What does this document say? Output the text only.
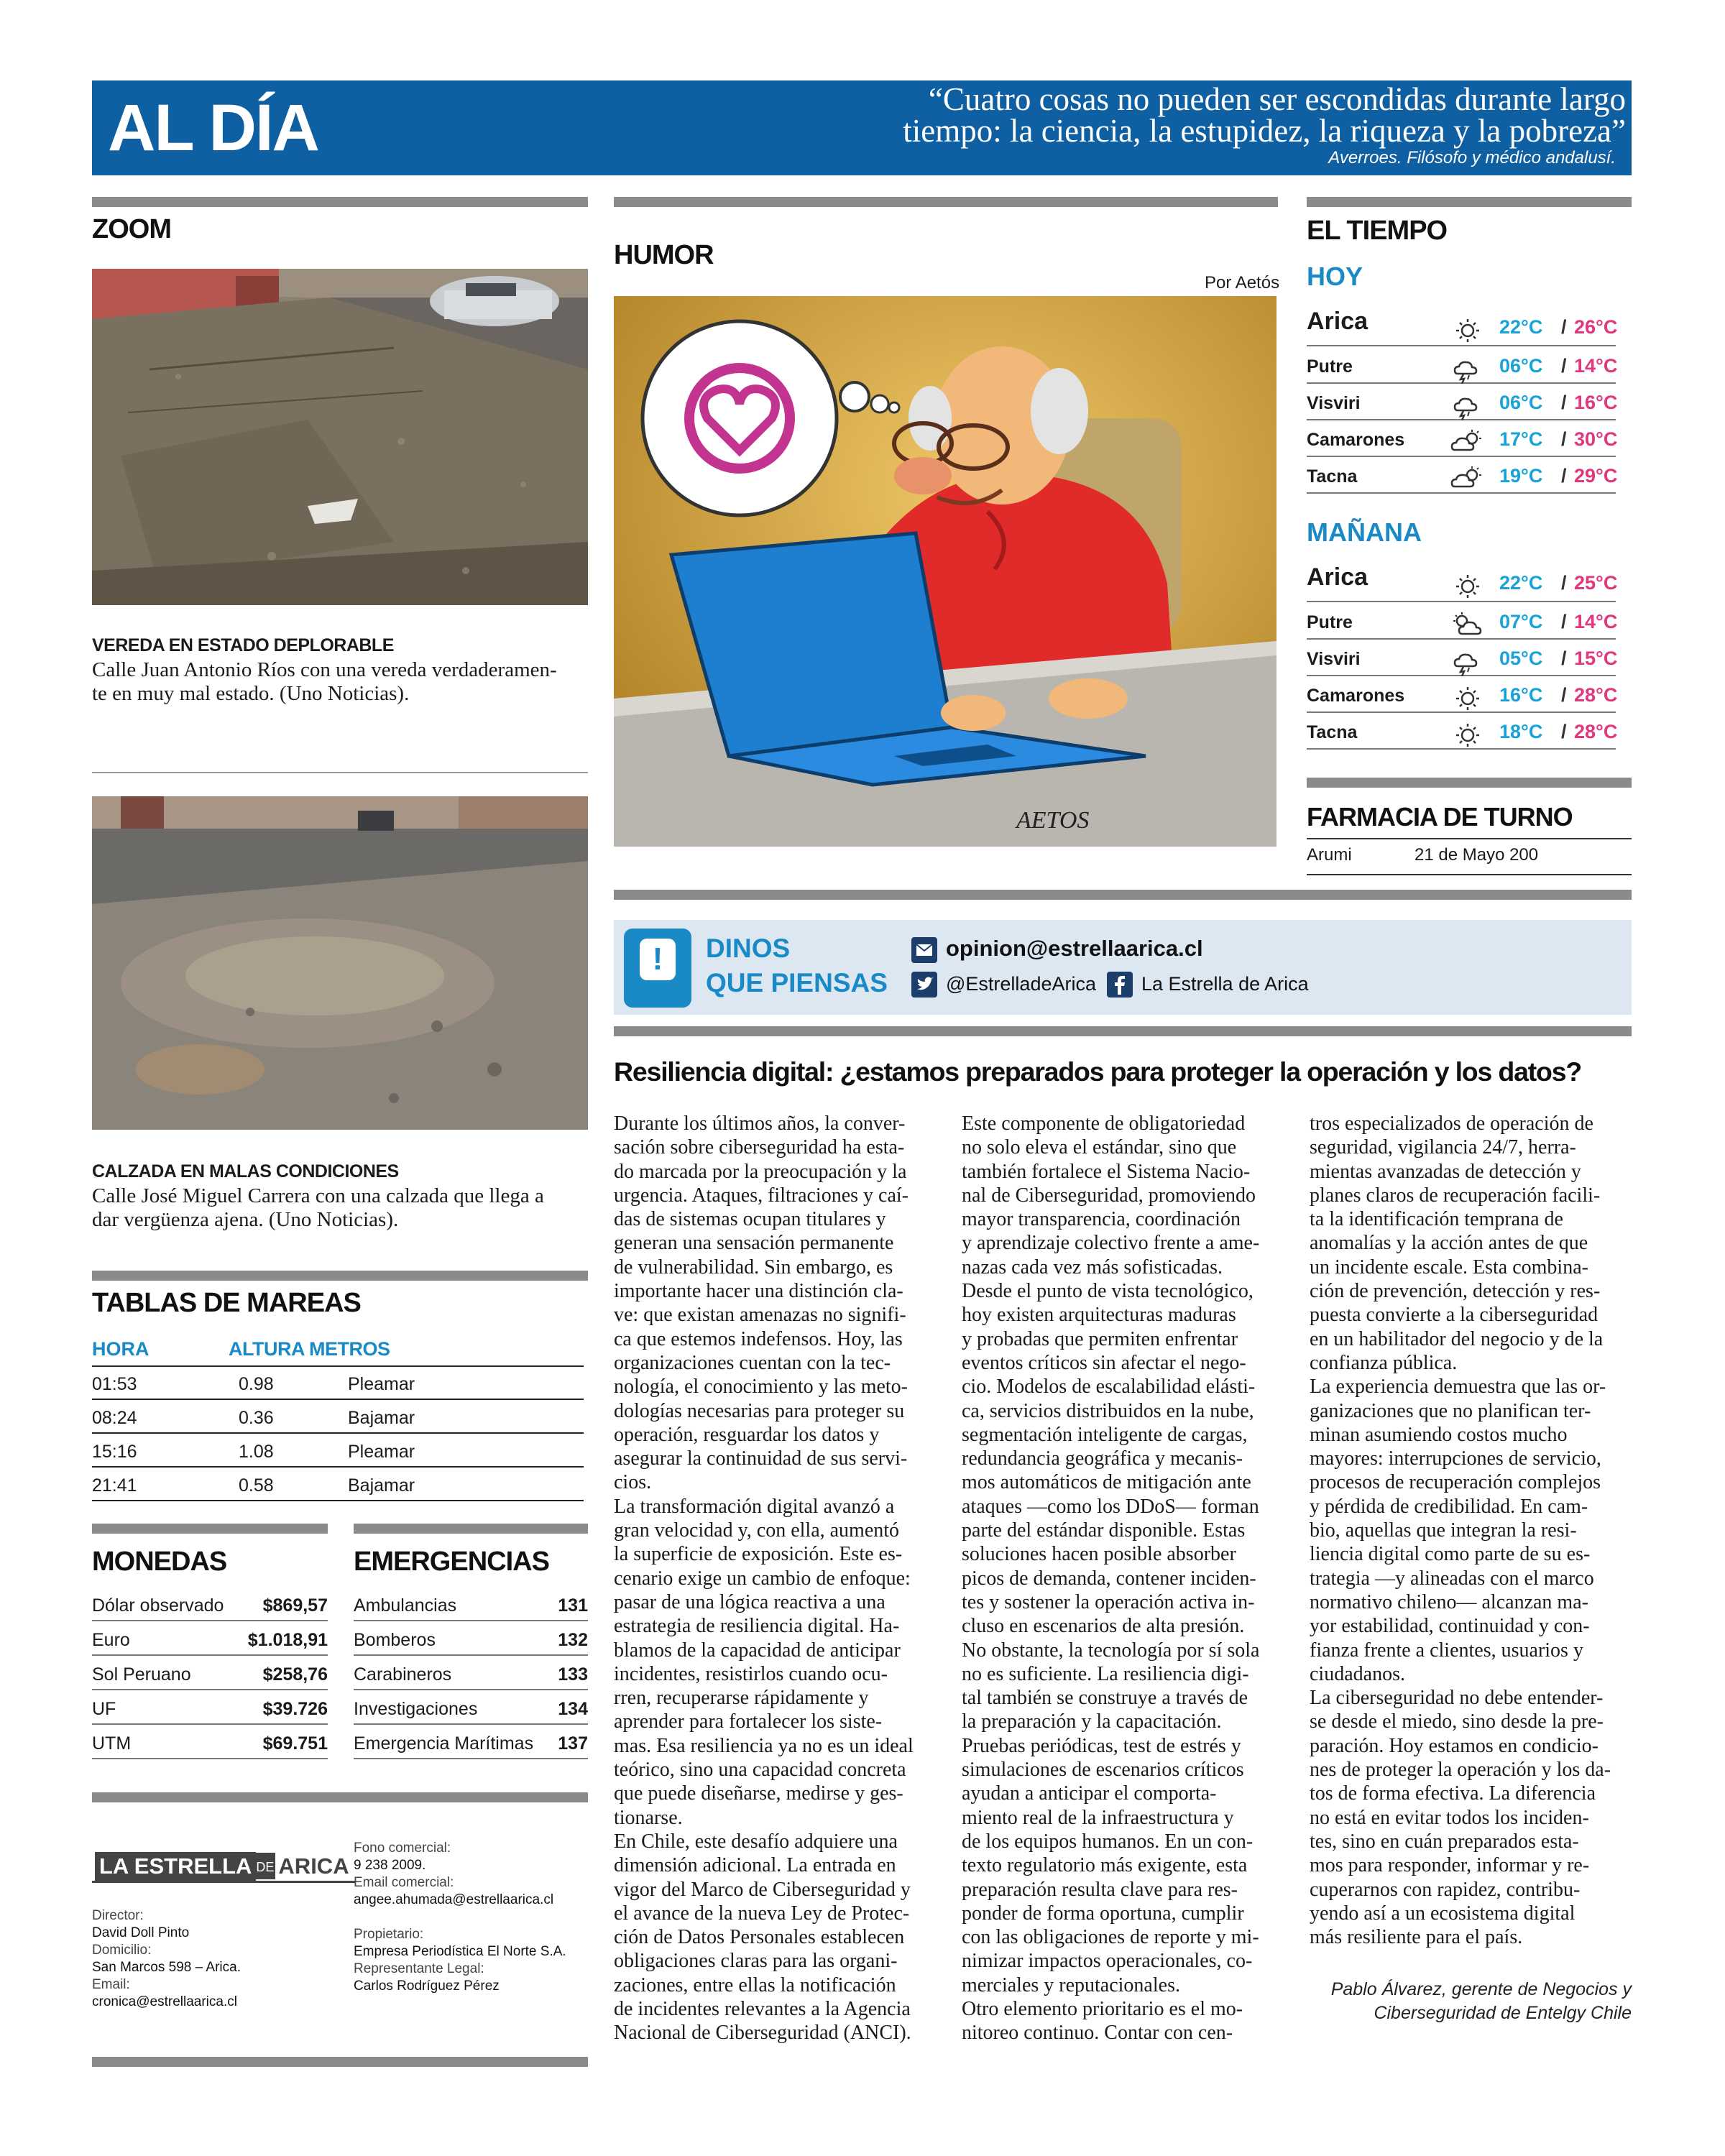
AL DÍA	“Cuatro cosas no pueden ser escondidas durante largo
tiempo: la ciencia, la estupidez, la riqueza y la pobreza”
Averroes. Filósofo y médico andalusí.
ZOOM
VEREDA EN ESTADO DEPLORABLE
Calle Juan Antonio Ríos con una vereda verdaderamen-
te en muy mal estado. (Uno Noticias).
CALZADA EN MALAS CONDICIONES
Calle José Miguel Carrera con una calzada que llega a
dar vergüenza ajena. (Uno Noticias).
TABLAS DE MAREAS
HORA	ALTURA METROS
01:53	0.98	Pleamar
08:24	0.36	Bajamar
15:16	1.08	Pleamar
21:41	0.58	Bajamar
MONEDAS	EMERGENCIAS
Dólar observado $869,57
Euro	$1.018,91
Sol Peruano	$258,76
UF	$39.726
UTM	$69.751
Ambulancias	131
Bomberos	132
Carabineros	133
Investigaciones	134
Emergencia Marítimas 137
LA ESTRELLA DE ARICA
Director:
David Doll Pinto
Domicilio:
San Marcos 598 – Arica.
Email:
cronica@estrellaarica.cl
Fono comercial:
9 238 2009.
Email comercial:
angee.ahumada@estrellaarica.cl
Propietario:
Empresa Periodística El Norte S.A.
Representante Legal:
Carlos Rodríguez Pérez
HUMOR
Por Aetós
AETOS
!	DINOS
QUE PIENSAS
opinion@estrellaarica.cl
@EstrelladeArica La Estrella de Arica
EL TIEMPO
HOY
Arica	22°C / 26°C
Putre	06°C / 14°C
Visviri	06°C / 16°C
Camarones	17°C / 30°C
Tacna	19°C / 29°C
MAÑANA
Arica	22°C / 25°C
Putre	07°C / 14°C
Visviri	05°C / 15°C
Camarones	16°C / 28°C
Tacna	18°C / 28°C
FARMACIA DE TURNO
Arumi	21 de Mayo 200
Resiliencia digital: ¿estamos preparados para proteger la operación y los datos?
Durante los últimos años, la conver-
sación sobre ciberseguridad ha esta-
do marcada por la preocupación y la
urgencia. Ataques, filtraciones y caí-
das de sistemas ocupan titulares y
generan una sensación permanente
de vulnerabilidad. Sin embargo, es
importante hacer una distinción cla-
ve: que existan amenazas no signifi-
ca que estemos indefensos. Hoy, las
organizaciones cuentan con la tec-
nología, el conocimiento y las meto-
dologías necesarias para proteger su
operación, resguardar los datos y
asegurar la continuidad de sus servi-
cios.
La transformación digital avanzó a
gran velocidad y, con ella, aumentó
la superficie de exposición. Este es-
cenario exige un cambio de enfoque:
pasar de una lógica reactiva a una
estrategia de resiliencia digital. Ha-
blamos de la capacidad de anticipar
incidentes, resistirlos cuando ocu-
rren, recuperarse rápidamente y
aprender para fortalecer los siste-
mas. Esa resiliencia ya no es un ideal
teórico, sino una capacidad concreta
que puede diseñarse, medirse y ges-
tionarse.
En Chile, este desafío adquiere una
dimensión adicional. La entrada en
vigor del Marco de Ciberseguridad y
el avance de la nueva Ley de Protec-
ción de Datos Personales establecen
obligaciones claras para las organi-
zaciones, entre ellas la notificación
de incidentes relevantes a la Agencia
Nacional de Ciberseguridad (ANCI).
Este componente de obligatoriedad
no solo eleva el estándar, sino que
también fortalece el Sistema Nacio-
nal de Ciberseguridad, promoviendo
mayor transparencia, coordinación
y aprendizaje colectivo frente a ame-
nazas cada vez más sofisticadas.
Desde el punto de vista tecnológico,
hoy existen arquitecturas maduras
y probadas que permiten enfrentar
eventos críticos sin afectar el nego-
cio. Modelos de escalabilidad elásti-
ca, servicios distribuidos en la nube,
segmentación inteligente de cargas,
redundancia geográfica y mecanis-
mos automáticos de mitigación ante
ataques —como los DDoS— forman
parte del estándar disponible. Estas
soluciones hacen posible absorber
picos de demanda, contener inciden-
tes y sostener la operación activa in-
cluso en escenarios de alta presión.
No obstante, la tecnología por sí sola
no es suficiente. La resiliencia digi-
tal también se construye a través de
la preparación y la capacitación.
Pruebas periódicas, test de estrés y
simulaciones de escenarios críticos
ayudan a anticipar el comporta-
miento real de la infraestructura y
de los equipos humanos. En un con-
texto regulatorio más exigente, esta
preparación resulta clave para res-
ponder de forma oportuna, cumplir
con las obligaciones de reporte y mi-
nimizar impactos operacionales, co-
merciales y reputacionales.
Otro elemento prioritario es el mo-
nitoreo continuo. Contar con cen-
tros especializados de operación de
seguridad, vigilancia 24/7, herra-
mientas avanzadas de detección y
planes claros de recuperación facili-
ta la identificación temprana de
anomalías y la acción antes de que
un incidente escale. Esta combina-
ción de prevención, detección y res-
puesta convierte a la ciberseguridad
en un habilitador del negocio y de la
confianza pública.
La experiencia demuestra que las or-
ganizaciones que no planifican ter-
minan asumiendo costos mucho
mayores: interrupciones de servicio,
procesos de recuperación complejos
y pérdida de credibilidad. En cam-
bio, aquellas que integran la resi-
liencia digital como parte de su es-
trategia —y alineadas con el marco
normativo chileno— alcanzan ma-
yor estabilidad, continuidad y con-
fianza frente a clientes, usuarios y
ciudadanos.
La ciberseguridad no debe entender-
se desde el miedo, sino desde la pre-
paración. Hoy estamos en condicio-
nes de proteger la operación y los da-
tos de forma efectiva. La diferencia
no está en evitar todos los inciden-
tes, sino en cuán preparados esta-
mos para responder, informar y re-
cuperarnos con rapidez, contribu-
yendo así a un ecosistema digital
más resiliente para el país.
Pablo Álvarez, gerente de Negocios y
Ciberseguridad de Entelgy Chile
